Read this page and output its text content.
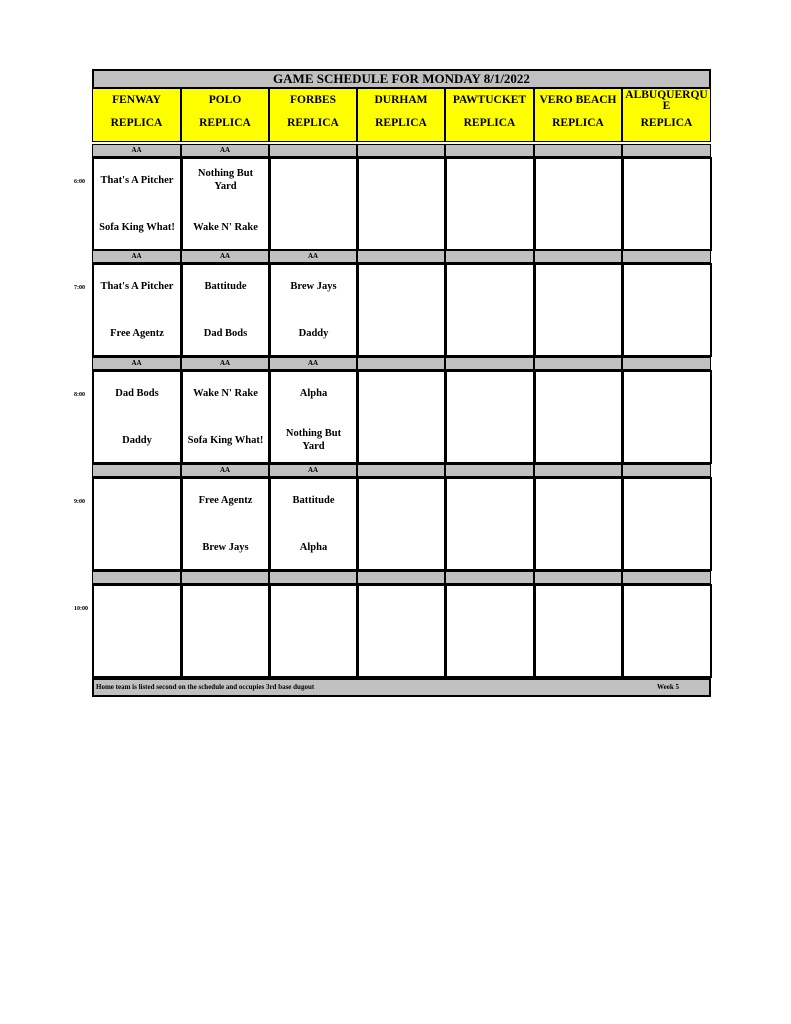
GAME SCHEDULE FOR MONDAY 8/1/2022
FENWAY
REPLICA
POLO
REPLICA
FORBES
REPLICA
DURHAM
REPLICA
PAWTUCKET
REPLICA
VERO BEACH
REPLICA
ALBUQUERQU
E
REPLICA
AA
That's A Pitcher
Sofa King What!
AA
Nothing But
Yard
Wake N' Rake
AA
That's A Pitcher
Free Agentz
AA
Battitude
Dad Bods
AA
Brew Jays
Daddy
AA
Dad Bods
Daddy
AA
Wake N' Rake
Sofa King What!
AA
Alpha
Nothing But
Yard
AA
Free Agentz
Brew Jays
AA
Battitude
Alpha
Home team is listed second on the schedule and occupies 3rd base dugout	Week 5
6:00
7:00
8:00
9:00
10:00
